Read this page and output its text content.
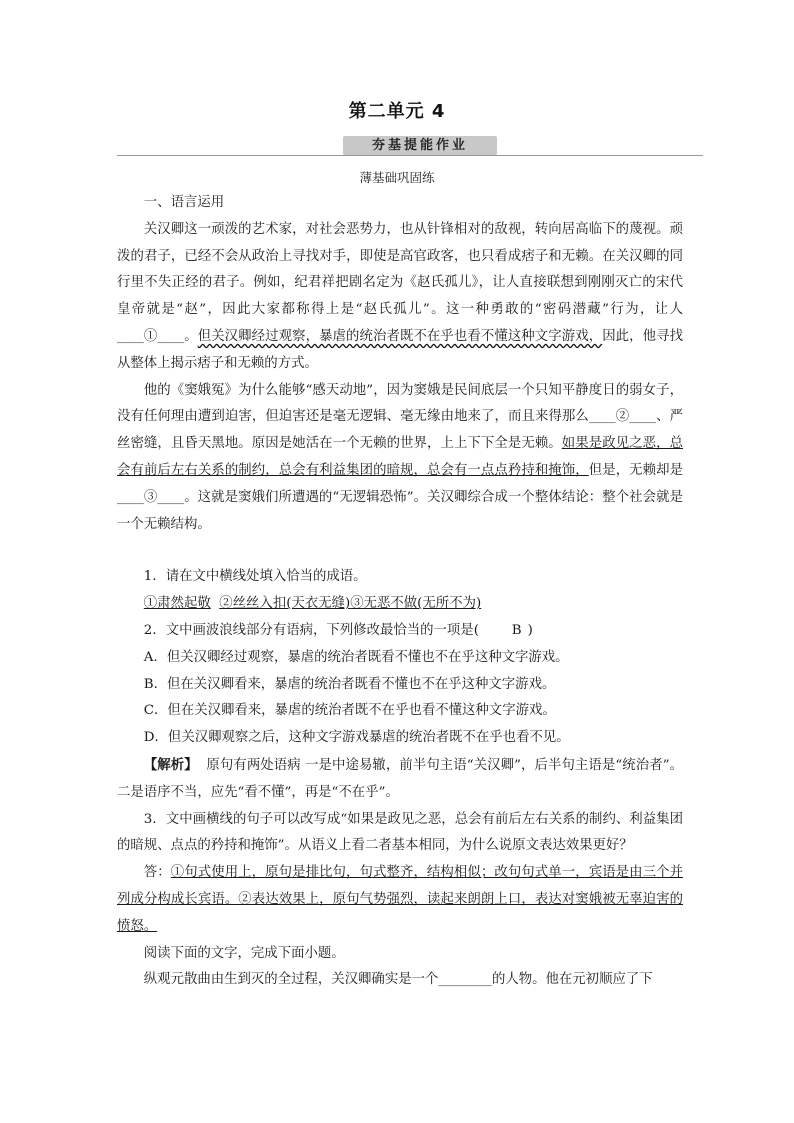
第二单元 4
夯基提能作业
薄基础巩固练

一、语言运用

关汉卿这一顽泼的艺术家，对社会恶势力，也从针锋相对的敌视，转向居高临下的蔑视。顽泼的君子，已经不会从政治上寻找对手，即使是高官政客，也只看成痞子和无赖。在关汉卿的同行里不失正经的君子。例如，纪君祥把剧名定为《赵氏孤儿》，让人直接联想到刚刚灭亡的宋代皇帝就是“赵”，因此大家都称得上是“赵氏孤儿”。这一种勇敢的“密码潜藏”行为，让人____①____。但关汉卿经过观察，暴虐的统治者既不在乎也看不懂这种文字游戏，因此，他寻找从整体上揭示痞子和无赖的方式。

他的《窦娥冤》为什么能够“感天动地”，因为窦娥是民间底层一个只知平静度日的弱女子，没有任何理由遭到迫害，但迫害还是毫无逻辑、毫无缘由地来了，而且来得那么____②____、严丝密缝，且昏天黑地。原因是她活在一个无赖的世界，上上下下全是无赖。如果是政见之恶，总会有前后左右关系的制约，总会有利益集团的暗规，总会有一点点矜持和掩饰，但是，无赖却是____③____。这就是窦娥们所遭遇的“无逻辑恐怖”。关汉卿综合成一个整体结论：整个社会就是一个无赖结构。

1．请在文中横线处填入恰当的成语。

①肃然起敬 ②丝丝入扣(天衣无缝)③无恶不做(无所不为)

2．文中画波浪线部分有语病，下列修改最恰当的一项是( B )

A．但关汉卿经过观察，暴虐的统治者既看不懂也不在乎这种文字游戏。

B．但在关汉卿看来，暴虐的统治者既看不懂也不在乎这种文字游戏。

C．但在关汉卿看来，暴虐的统治者既不在乎也看不懂这种文字游戏。

D．但关汉卿观察之后，这种文字游戏暴虐的统治者既不在乎也看不见。

【解析】 原句有两处语病 一是中途易辙，前半句主语“关汉卿”，后半句主语是“统治者”。二是语序不当，应先“看不懂”，再是“不在乎”。

3．文中画横线的句子可以改写成“如果是政见之恶，总会有前后左右关系的制约、利益集团的暗规、点点的矜持和掩饰”。从语义上看二者基本相同，为什么说原文表达效果更好？

答：①句式使用上，原句是排比句，句式整齐，结构相似；改句句式单一，宾语是由三个并列成分构成长宾语。②表达效果上，原句气势强烈，读起来朗朗上口，表达对窦娥被无辜迫害的愤怒。

阅读下面的文字，完成下面小题。

纵观元散曲由生到灭的全过程，关汉卿确实是一个________的人物。他在元初顺应了下
